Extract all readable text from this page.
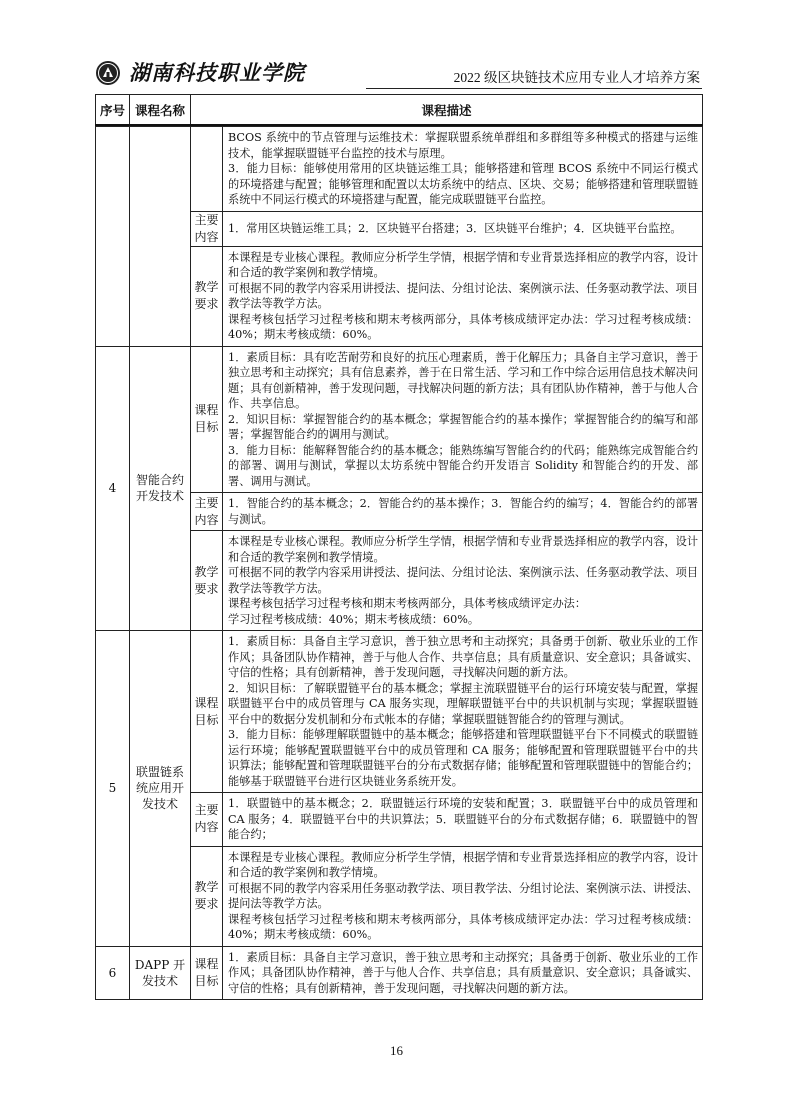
湖南科技职业学院	2022 级区块链技术应用专业人才培养方案
序号	课程名称	课程描述	

			BCOS 系统中的节点管理与运维技术：掌握联盟系统单群组和多群组等多种模式的搭建与运维技术，能掌握联盟链平台监控的技术与原理。

3．能力目标：能够使用常用的区块链运维工具；能够搭建和管理 BCOS 系统中不同运行模式的环境搭建与配置；能够管理和配置以太坊系统中的结点、区块、交易；能够搭建和管理联盟链系统中不同运行模式的环境搭建与配置，能完成联盟链平台监控。

		主要内容	1．常用区块链运维工具；2．区块链平台搭建；3．区块链平台维护；4．区块链平台监控。

		教学要求	本课程是专业核心课程。教师应分析学生学情，根据学情和专业背景选择相应的教学内容，设计和合适的教学案例和教学情境。

可根据不同的教学内容采用讲授法、提问法、分组讨论法、案例演示法、任务驱动教学法、项目教学法等教学方法。

课程考核包括学习过程考核和期末考核两部分，具体考核成绩评定办法：学习过程考核成绩：40%；期末考核成绩：60%。

4	智能合约开发技术	课程目标	1．素质目标：具有吃苦耐劳和良好的抗压心理素质，善于化解压力；具备自主学习意识，善于独立思考和主动探究；具有信息素养，善于在日常生活、学习和工作中综合运用信息技术解决问题；具有创新精神，善于发现问题，寻找解决问题的新方法；具有团队协作精神，善于与他人合作、共享信息。

2．知识目标：掌握智能合约的基本概念；掌握智能合约的基本操作；掌握智能合约的编写和部署；掌握智能合约的调用与测试。

3．能力目标：能解释智能合约的基本概念；能熟练编写智能合约的代码；能熟练完成智能合约的部署、调用与测试，掌握以太坊系统中智能合约开发语言 Solidity 和智能合约的开发、部署、调用与测试。

		主要内容	1．智能合约的基本概念；2．智能合约的基本操作；3．智能合约的编写；4．智能合约的部署与测试。

		教学要求	本课程是专业核心课程。教师应分析学生学情，根据学情和专业背景选择相应的教学内容，设计和合适的教学案例和教学情境。

可根据不同的教学内容采用讲授法、提问法、分组讨论法、案例演示法、任务驱动教学法、项目教学法等教学方法。

课程考核包括学习过程考核和期末考核两部分，具体考核成绩评定办法：

学习过程考核成绩：40%；期末考核成绩：60%。

5	联盟链系统应用开发技术	课程目标	1．素质目标：具备自主学习意识，善于独立思考和主动探究；具备勇于创新、敬业乐业的工作作风；具备团队协作精神，善于与他人合作、共享信息；具有质量意识、安全意识；具备诚实、守信的性格；具有创新精神，善于发现问题，寻找解决问题的新方法。

2．知识目标：了解联盟链平台的基本概念；掌握主流联盟链平台的运行环境安装与配置，掌握联盟链平台中的成员管理与 CA 服务实现，理解联盟链平台中的共识机制与实现；掌握联盟链平台中的数据分发机制和分布式帐本的存储；掌握联盟链智能合约的管理与测试。

3．能力目标：能够理解联盟链中的基本概念；能够搭建和管理联盟链平台下不同模式的联盟链运行环境；能够配置联盟链平台中的成员管理和 CA 服务；能够配置和管理联盟链平台中的共识算法；能够配置和管理联盟链平台的分布式数据存储；能够配置和管理联盟链中的智能合约；能够基于联盟链平台进行区块链业务系统开发。

		主要内容	1．联盟链中的基本概念；2．联盟链运行环境的安装和配置；3．联盟链平台中的成员管理和 CA 服务；4．联盟链平台中的共识算法；5．联盟链平台的分布式数据存储；6．联盟链中的智能合约；

		教学要求	本课程是专业核心课程。教师应分析学生学情，根据学情和专业背景选择相应的教学内容，设计和合适的教学案例和教学情境。

可根据不同的教学内容采用任务驱动教学法、项目教学法、分组讨论法、案例演示法、讲授法、提问法等教学方法。

课程考核包括学习过程考核和期末考核两部分，具体考核成绩评定办法：学习过程考核成绩：40%；期末考核成绩：60%。

6	DAPP 开发技术	课程目标	1．素质目标：具备自主学习意识，善于独立思考和主动探究；具备勇于创新、敬业乐业的工作作风；具备团队协作精神，善于与他人合作、共享信息；具有质量意识、安全意识；具备诚实、守信的性格；具有创新精神，善于发现问题，寻找解决问题的新方法。

16
